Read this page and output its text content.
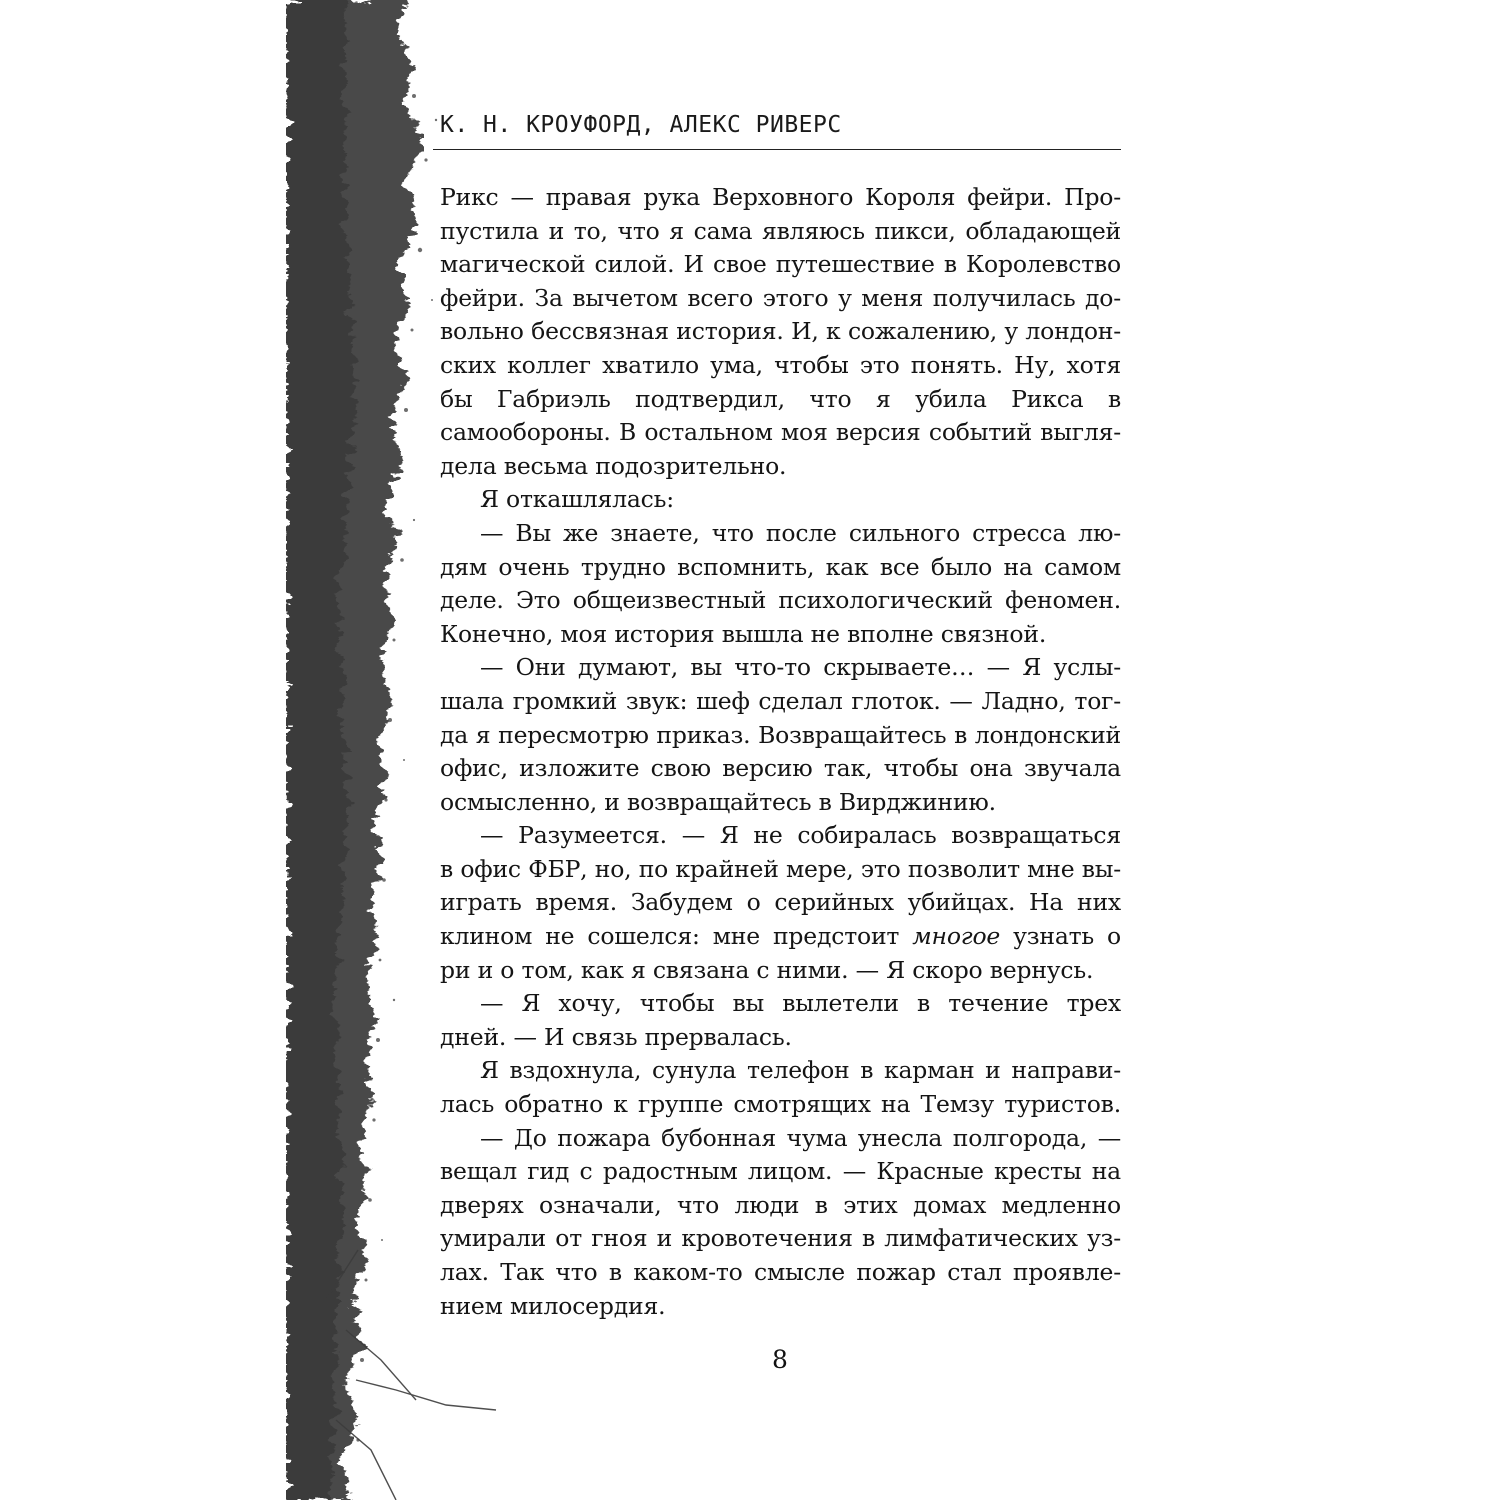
К. Н. КРОУФОРД, АЛЕКС РИВЕРС
Рикс — правая рука Верховного Короля фейри. Про-
пустила и то, что я сама являюсь пикси, обладающей
магической силой. И свое путешествие в Королевство
фейри. За вычетом всего этого у меня получилась до-
вольно бессвязная история. И, к сожалению, у лондон-
ских коллег хватило ума, чтобы это понять. Ну, хотя
бы Габриэль подтвердил, что я убила Рикса в
самообороны. В остальном моя версия событий выгля-
дела весьма подозрительно.
Я откашлялась:
— Вы же знаете, что после сильного стресса лю-
дям очень трудно вспомнить, как все было на самом
деле. Это общеизвестный психологический феномен.
Конечно, моя история вышла не вполне связной.
— Они думают, вы что-то скрываете… — Я услы-
шала громкий звук: шеф сделал глоток. — Ладно, тог-
да я пересмотрю приказ. Возвращайтесь в лондонский
офис, изложите свою версию так, чтобы она звучала
осмысленно, и возвращайтесь в Вирджинию.
— Разумеется. — Я не собиралась возвращаться
в офис ФБР, но, по крайней мере, это позволит мне вы-
играть время. Забудем о серийных убийцах. На них
клином не сошелся: мне предстоит многое узнать о
ри и о том, как я связана с ними. — Я скоро вернусь.
— Я хочу, чтобы вы вылетели в течение трех
дней. — И связь прервалась.
Я вздохнула, сунула телефон в карман и направи-
лась обратно к группе смотрящих на Темзу туристов.
— До пожара бубонная чума унесла полгорода, —
вещал гид с радостным лицом. — Красные кресты на
дверях означали, что люди в этих домах медленно
умирали от гноя и кровотечения в лимфатических уз-
лах. Так что в каком-то смысле пожар стал проявле-
нием милосердия.
8
